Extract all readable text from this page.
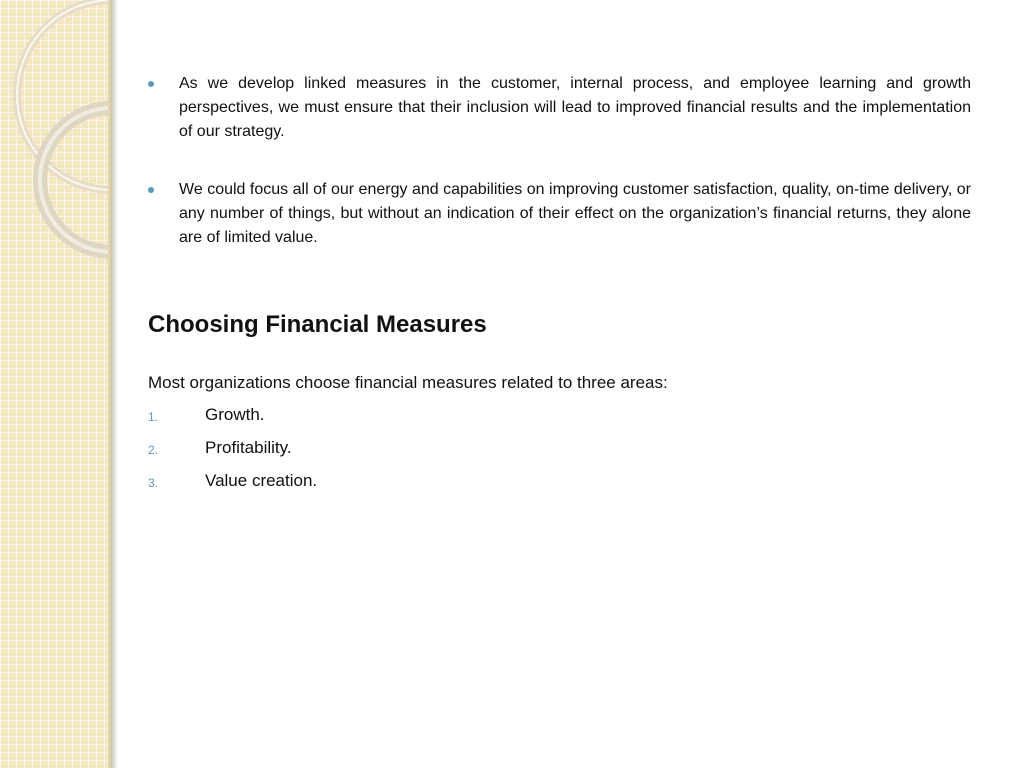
As we develop linked measures in the customer, internal process, and employee learning and growth perspectives, we must ensure that their inclusion will lead to improved financial results and the implementation of our strategy.
We could focus all of our energy and capabilities on improving customer satisfaction, quality, on-time delivery, or any number of things, but without an indication of their effect on the organization’s financial returns, they alone are of limited value.
Choosing Financial Measures

Most organizations choose financial measures related to three areas:

1.	Growth.
2.	Profitability.
3.	Value creation.
